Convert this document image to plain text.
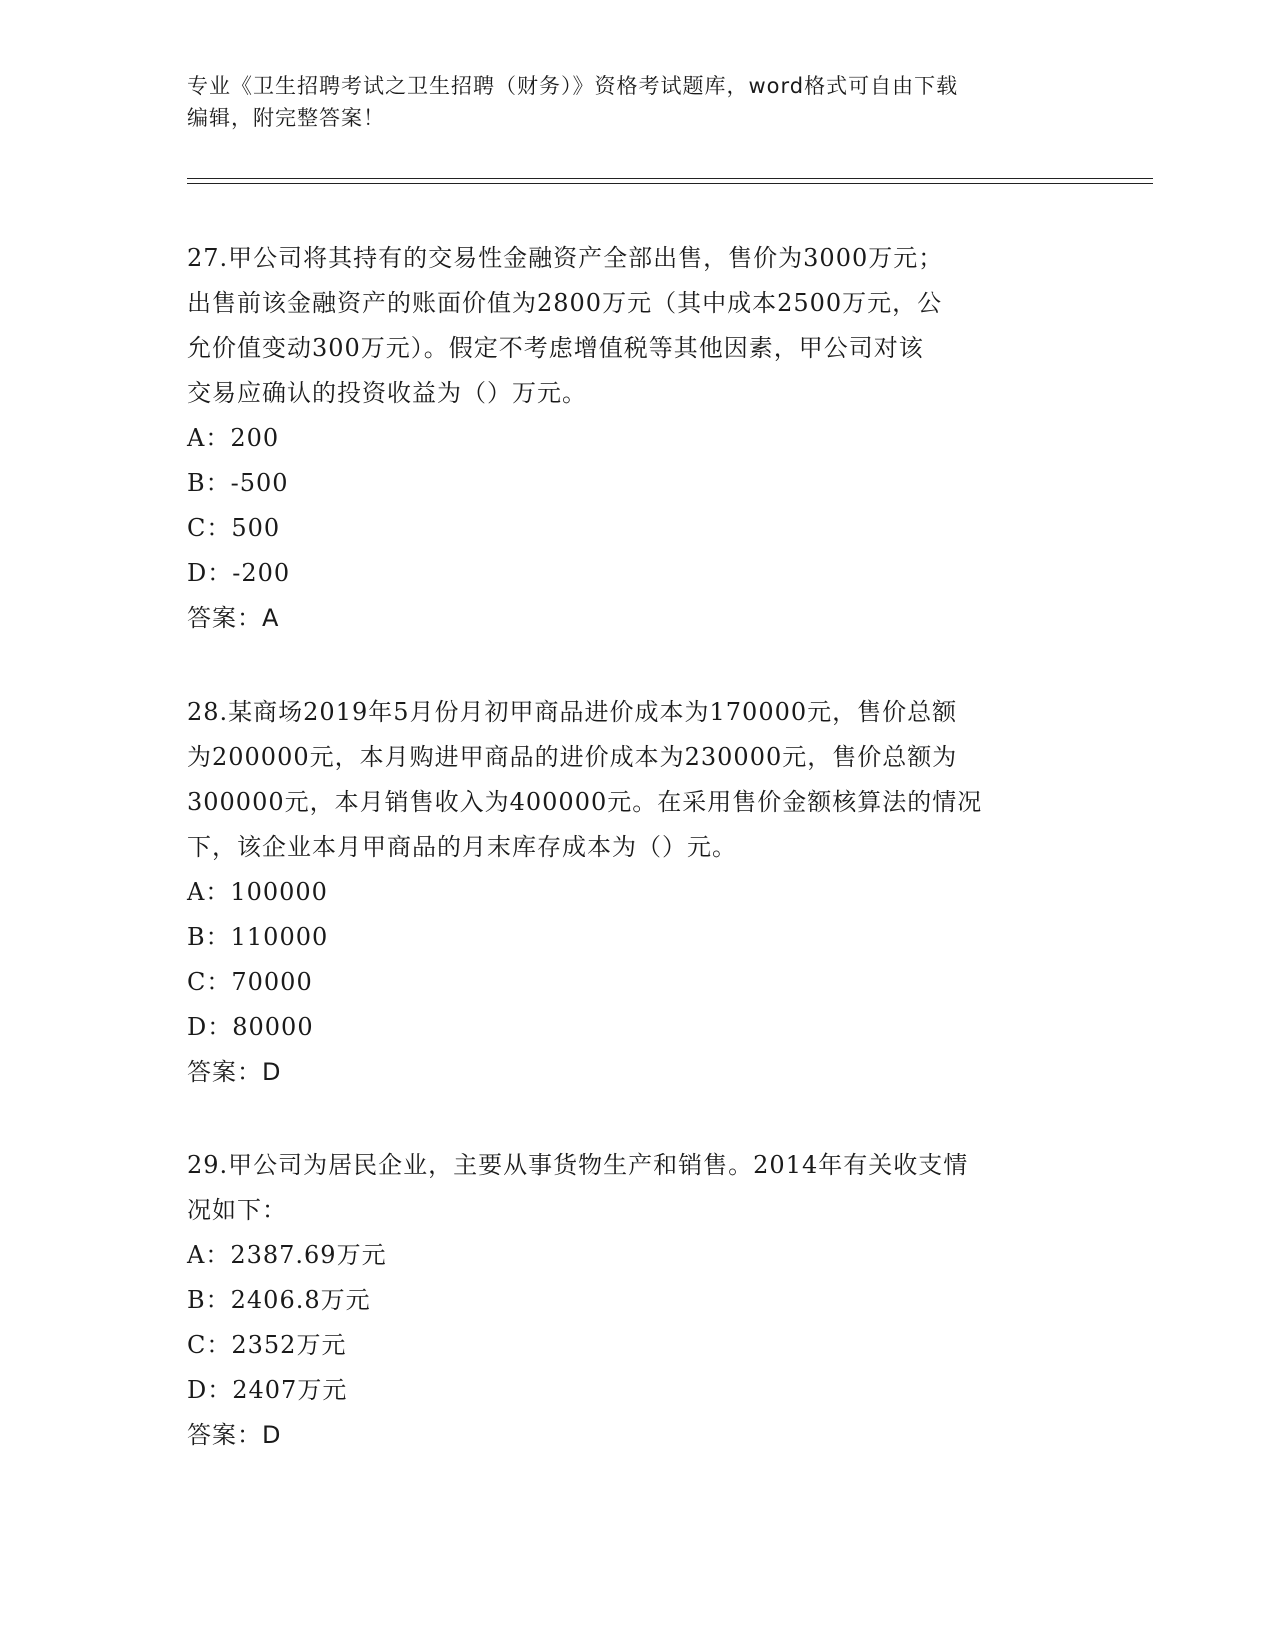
专业《卫生招聘考试之卫生招聘（财务）》资格考试题库，word格式可自由下载
编辑，附完整答案！

27.甲公司将其持有的交易性金融资产全部出售，售价为3000万元；

出售前该金融资产的账面价值为2800万元（其中成本2500万元，公

允价值变动300万元）。假定不考虑增值税等其他因素，甲公司对该

交易应确认的投资收益为（）万元。

A：200

B：-500

C：500

D：-200

答案：A

28.某商场2019年5月份月初甲商品进价成本为170000元，售价总额

为200000元，本月购进甲商品的进价成本为230000元，售价总额为

300000元，本月销售收入为400000元。在采用售价金额核算法的情况

下，该企业本月甲商品的月末库存成本为（）元。

A：100000

B：110000

C：70000

D：80000

答案：D

29.甲公司为居民企业，主要从事货物生产和销售。2014年有关收支情

况如下：

A：2387.69万元

B：2406.8万元

C：2352万元

D：2407万元

答案：D
